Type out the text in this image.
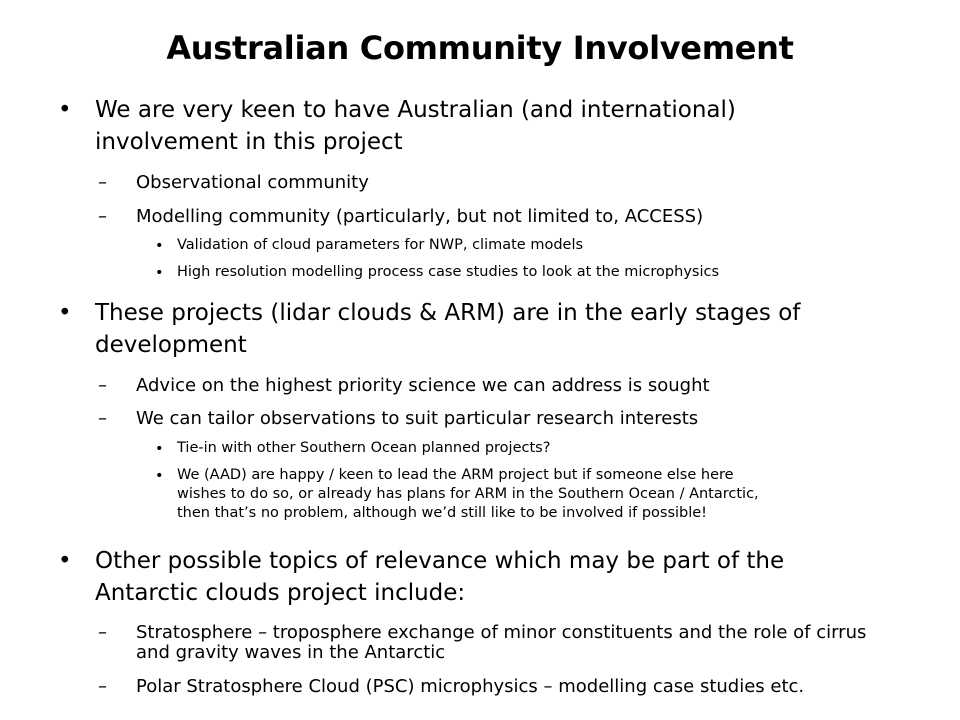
Australian Community Involvement
• We are very keen to have Australian (and international)
involvement in this project
– Observational community
– Modelling community (particularly, but not limited to, ACCESS)
• Validation of cloud parameters for NWP, climate models
• High resolution modelling process case studies to look at the microphysics
• These projects (lidar clouds & ARM) are in the early stages of
development
– Advice on the highest priority science we can address is sought
– We can tailor observations to suit particular research interests
• Tie-in with other Southern Ocean planned projects?
• We (AAD) are happy / keen to lead the ARM project but if someone else here
wishes to do so, or already has plans for ARM in the Southern Ocean / Antarctic,
then that’s no problem, although we’d still like to be involved if possible!
• Other possible topics of relevance which may be part of the
Antarctic clouds project include:
– Stratosphere – troposphere exchange of minor constituents and the role of cirrus
and gravity waves in the Antarctic
– Polar Stratosphere Cloud (PSC) microphysics – modelling case studies etc.
